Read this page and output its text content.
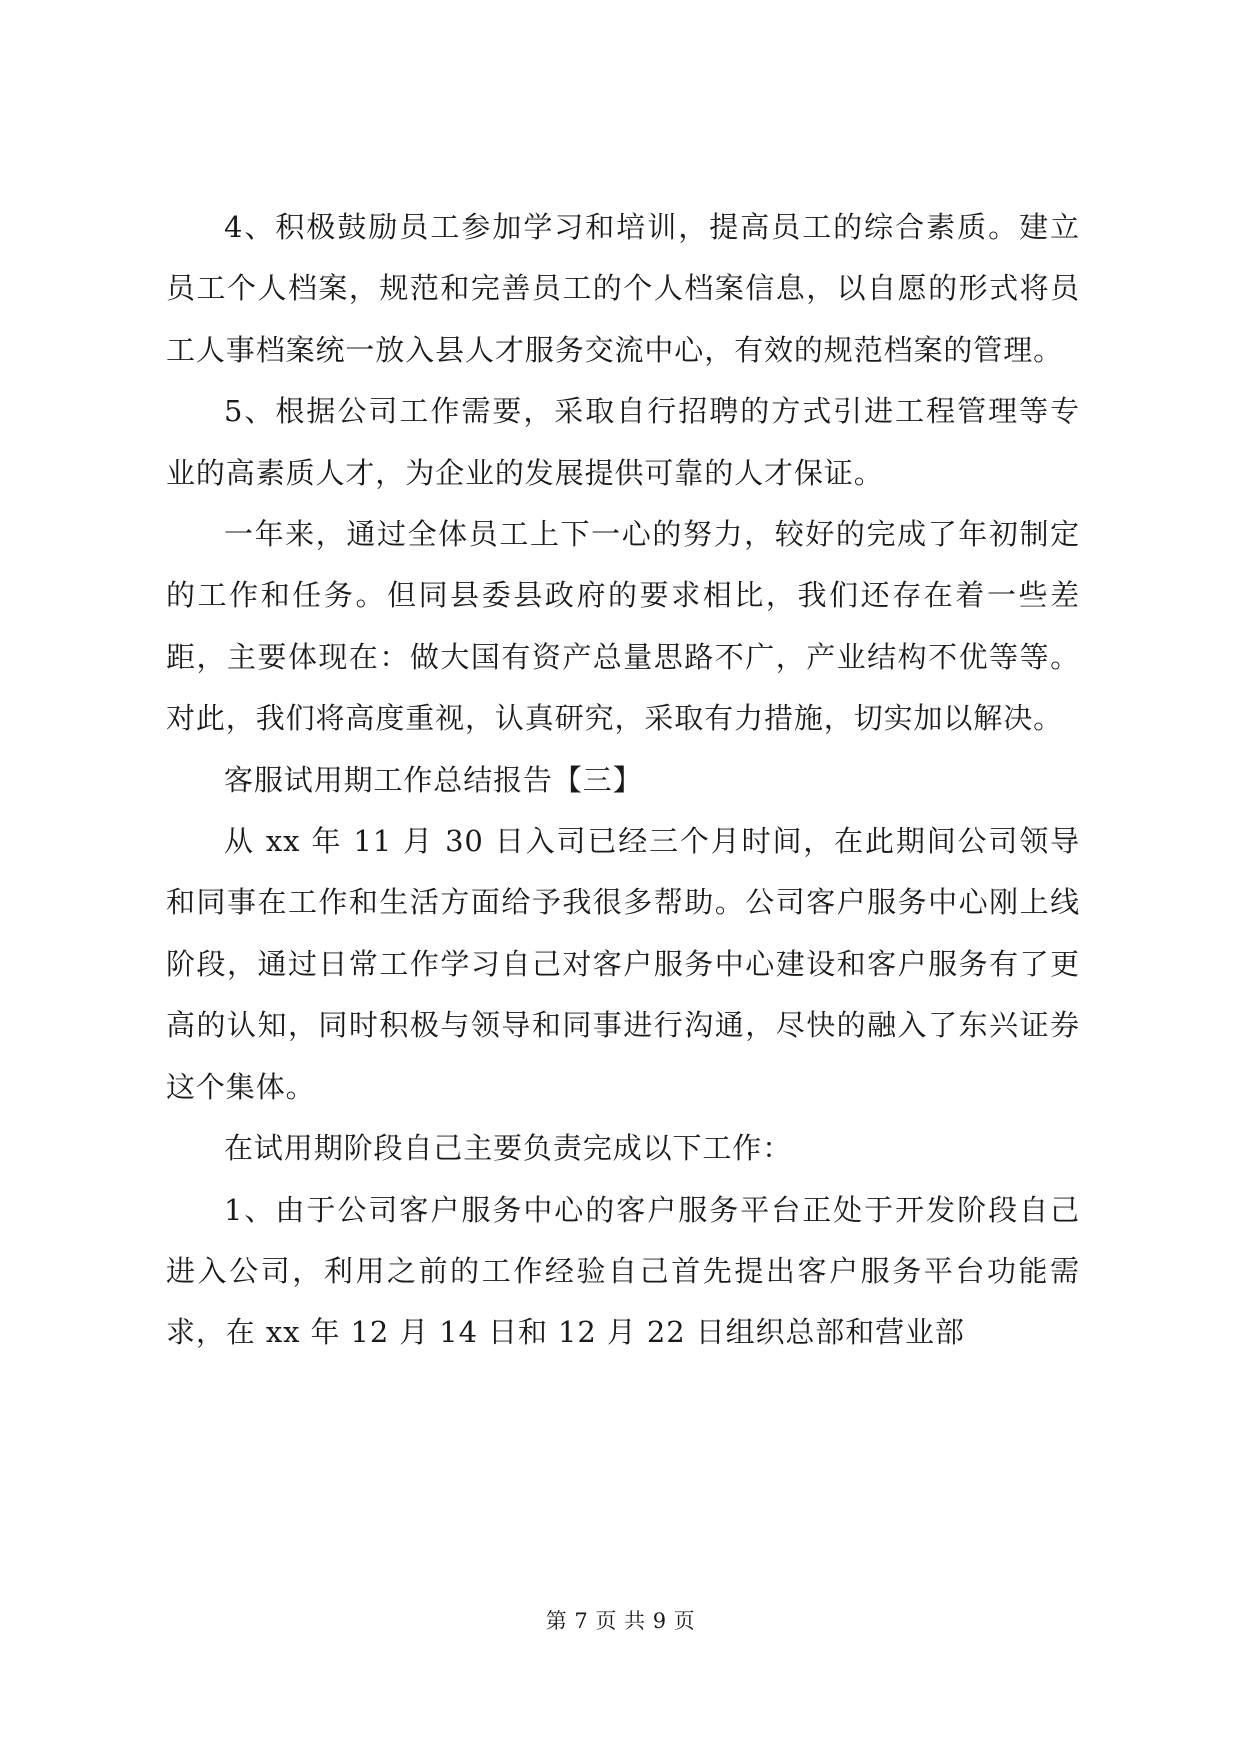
4、积极鼓励员工参加学习和培训，提高员工的综合素质。建立员工个人档案，规范和完善员工的个人档案信息，以自愿的形式将员工人事档案统一放入县人才服务交流中心，有效的规范档案的管理。

5、根据公司工作需要，采取自行招聘的方式引进工程管理等专业的高素质人才，为企业的发展提供可靠的人才保证。

一年来，通过全体员工上下一心的努力，较好的完成了年初制定的工作和任务。但同县委县政府的要求相比，我们还存在着一些差距，主要体现在：做大国有资产总量思路不广，产业结构不优等等。对此，我们将高度重视，认真研究，采取有力措施，切实加以解决。

客服试用期工作总结报告【三】

从 xx 年 11 月 30 日入司已经三个月时间，在此期间公司领导和同事在工作和生活方面给予我很多帮助。公司客户服务中心刚上线阶段，通过日常工作学习自己对客户服务中心建设和客户服务有了更高的认知，同时积极与领导和同事进行沟通，尽快的融入了东兴证券这个集体。

在试用期阶段自己主要负责完成以下工作：

1、由于公司客户服务中心的客户服务平台正处于开发阶段自己进入公司，利用之前的工作经验自己首先提出客户服务平台功能需求，在 xx 年 12 月 14 日和 12 月 22 日组织总部和营业部

第 7 页 共 9 页
